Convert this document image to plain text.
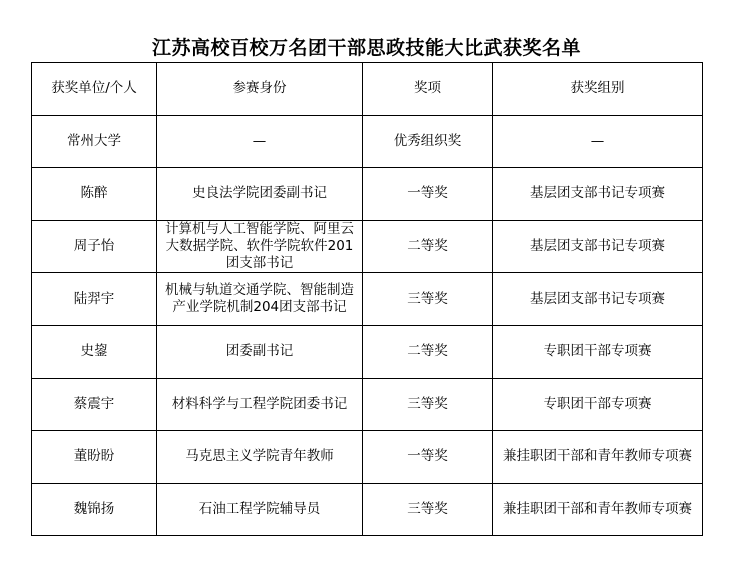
江苏高校百校万名团干部思政技能大比武获奖名单
获奖单位/个人	参赛身份	奖项	获奖组别
常州大学	—	优秀组织奖	—
陈醉	史良法学院团委副书记	一等奖	基层团支部书记专项赛
周子怡	计算机与人工智能学院、阿里云大数据学院、软件学院软件201团支部书记	二等奖	基层团支部书记专项赛
陆羿宇	机械与轨道交通学院、智能制造产业学院机制204团支部书记	三等奖	基层团支部书记专项赛
史鋆	团委副书记	二等奖	专职团干部专项赛
蔡震宇	材料科学与工程学院团委书记	三等奖	专职团干部专项赛
董盼盼	马克思主义学院青年教师	一等奖	兼挂职团干部和青年教师专项赛
魏锦扬	石油工程学院辅导员	三等奖	兼挂职团干部和青年教师专项赛
